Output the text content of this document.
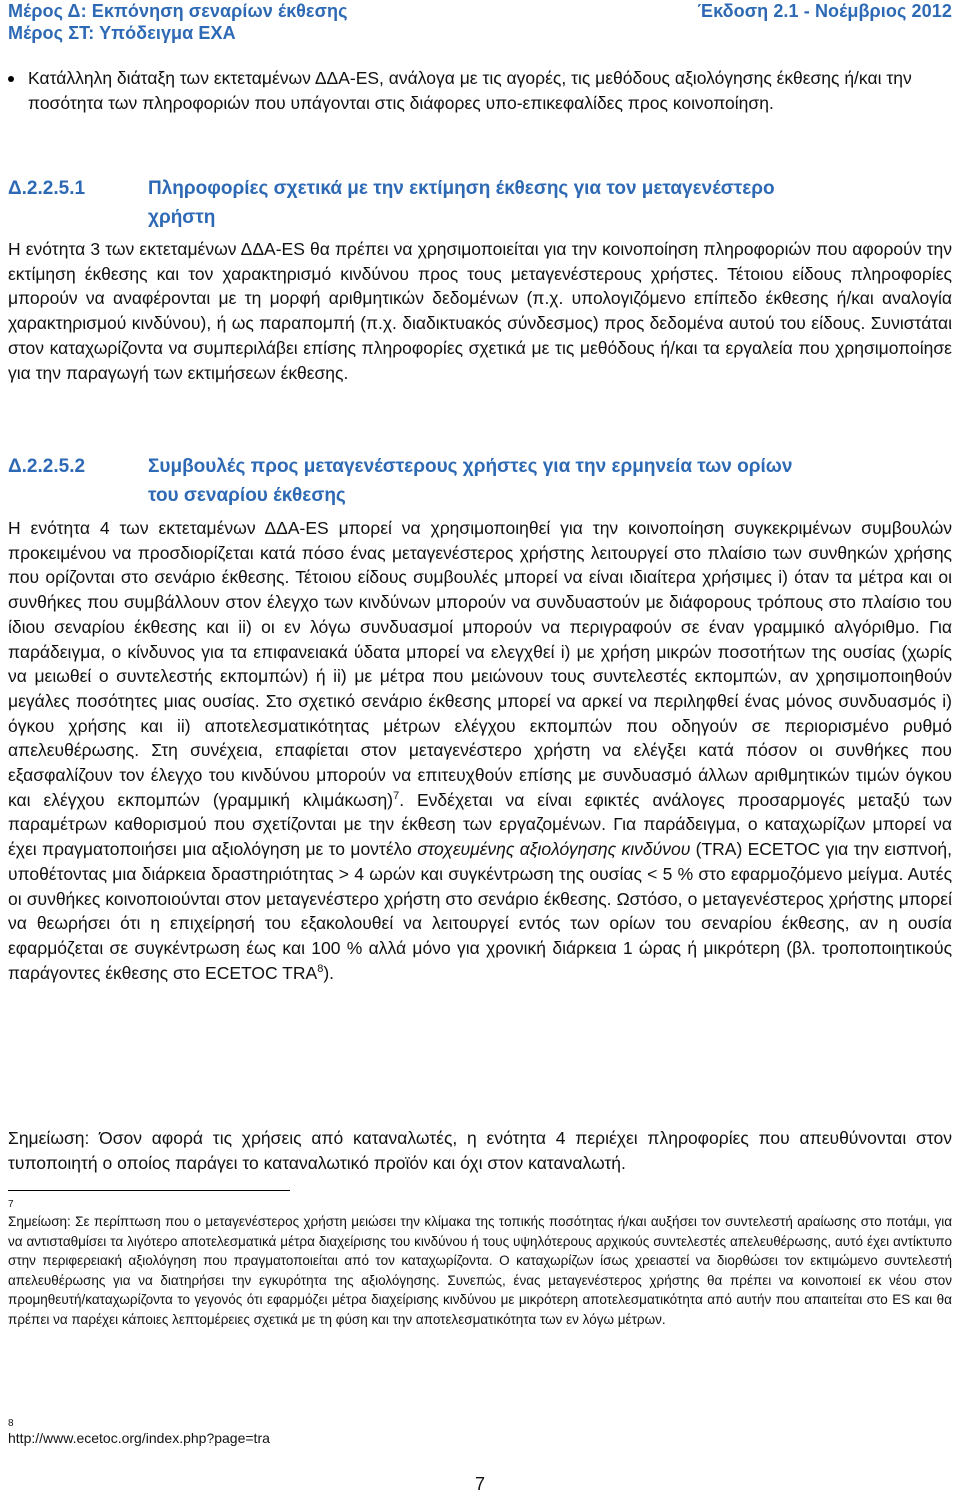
Μέρος Δ: Εκπόνηση σεναρίων έκθεσης	Έκδοση 2.1 - Νοέμβριος 2012
Μέρος ΣΤ: Υπόδειγμα ΕΧΑ
Κατάλληλη διάταξη των εκτεταμένων ΔΔΑ-ES, ανάλογα με τις αγορές, τις μεθόδους αξιολόγησης έκθεσης ή/και την ποσότητα των πληροφοριών που υπάγονται στις διάφορες υπο-επικεφαλίδες προς κοινοποίηση.
Δ.2.2.5.1	Πληροφορίες σχετικά με την εκτίμηση έκθεσης για τον μεταγενέστερο
χρήστη

Η ενότητα 3 των εκτεταμένων ΔΔΑ-ES θα πρέπει να χρησιμοποιείται για την κοινοποίηση πληροφοριών που αφορούν την εκτίμηση έκθεσης και τον χαρακτηρισμό κινδύνου προς τους μεταγενέστερους χρήστες. Τέτοιου είδους πληροφορίες μπορούν να αναφέρονται με τη μορφή αριθμητικών δεδομένων (π.χ. υπολογιζόμενο επίπεδο έκθεσης ή/και αναλογία χαρακτηρισμού κινδύνου), ή ως παραπομπή (π.χ. διαδικτυακός σύνδεσμος) προς δεδομένα αυτού του είδους. Συνιστάται στον καταχωρίζοντα να συμπεριλάβει επίσης πληροφορίες σχετικά με τις μεθόδους ή/και τα εργαλεία που χρησιμοποίησε για την παραγωγή των εκτιμήσεων έκθεσης.

Δ.2.2.5.2	Συμβουλές προς μεταγενέστερους χρήστες για την ερμηνεία των ορίων
του σεναρίου έκθεσης

Η ενότητα 4 των εκτεταμένων ΔΔΑ-ES μπορεί να χρησιμοποιηθεί για την κοινοποίηση συγκεκριμένων συμβουλών προκειμένου να προσδιορίζεται κατά πόσο ένας μεταγενέστερος χρήστης λειτουργεί στο πλαίσιο των συνθηκών χρήσης που ορίζονται στο σενάριο έκθεσης. Τέτοιου είδους συμβουλές μπορεί να είναι ιδιαίτερα χρήσιμες i) όταν τα μέτρα και οι συνθήκες που συμβάλλουν στον έλεγχο των κινδύνων μπορούν να συνδυαστούν με διάφορους τρόπους στο πλαίσιο του ίδιου σεναρίου έκθεσης και ii) οι εν λόγω συνδυασμοί μπορούν να περιγραφούν σε έναν γραμμικό αλγόριθμο. Για παράδειγμα, ο κίνδυνος για τα επιφανειακά ύδατα μπορεί να ελεγχθεί i) με χρήση μικρών ποσοτήτων της ουσίας (χωρίς να μειωθεί ο συντελεστής εκπομπών) ή ii) με μέτρα που μειώνουν τους συντελεστές εκπομπών, αν χρησιμοποιηθούν μεγάλες ποσότητες μιας ουσίας. Στο σχετικό σενάριο έκθεσης μπορεί να αρκεί να περιληφθεί ένας μόνος συνδυασμός i) όγκου χρήσης και ii) αποτελεσματικότητας μέτρων ελέγχου εκπομπών που οδηγούν σε περιορισμένο ρυθμό απελευθέρωσης. Στη συνέχεια, επαφίεται στον μεταγενέστερο χρήστη να ελέγξει κατά πόσον οι συνθήκες που εξασφαλίζουν τον έλεγχο του κινδύνου μπορούν να επιτευχθούν επίσης με συνδυασμό άλλων αριθμητικών τιμών όγκου και ελέγχου εκπομπών (γραμμική κλιμάκωση)$^7$. Ενδέχεται να είναι εφικτές ανάλογες προσαρμογές μεταξύ των παραμέτρων καθορισμού που σχετίζονται με την έκθεση των εργαζομένων. Για παράδειγμα, ο καταχωρίζων μπορεί να έχει πραγματοποιήσει μια αξιολόγηση με το μοντέλο στοχευμένης αξιολόγησης κινδύνου (TRA) ECETOC για την εισπνοή, υποθέτοντας μια διάρκεια δραστηριότητας > 4 ωρών και συγκέντρωση της ουσίας < 5 % στο εφαρμοζόμενο μείγμα. Αυτές οι συνθήκες κοινοποιούνται στον μεταγενέστερο χρήστη στο σενάριο έκθεσης. Ωστόσο, ο μεταγενέστερος χρήστης μπορεί να θεωρήσει ότι η επιχείρησή του εξακολουθεί να λειτουργεί εντός των ορίων του σεναρίου έκθεσης, αν η ουσία εφαρμόζεται σε συγκέντρωση έως και 100 % αλλά μόνο για χρονική διάρκεια 1 ώρας ή μικρότερη (βλ. τροποποιητικούς παράγοντες έκθεσης στο ECETOC TRA$^8$).

Σημείωση: Όσον αφορά τις χρήσεις από καταναλωτές, η ενότητα 4 περιέχει πληροφορίες που απευθύνονται στον τυποποιητή ο οποίος παράγει το καταναλωτικό προϊόν και όχι στον καταναλωτή.

7

Σημείωση: Σε περίπτωση που ο μεταγενέστερος χρήστη μειώσει την κλίμακα της τοπικής ποσότητας ή/και αυξήσει τον συντελεστή αραίωσης στο ποτάμι, για να αντισταθμίσει τα λιγότερο αποτελεσματικά μέτρα διαχείρισης του κινδύνου ή τους υψηλότερους αρχικούς συντελεστές απελευθέρωσης, αυτό έχει αντίκτυπο στην περιφερειακή αξιολόγηση που πραγματοποιείται από τον καταχωρίζοντα. Ο καταχωρίζων ίσως χρειαστεί να διορθώσει τον εκτιμώμενο συντελεστή απελευθέρωσης για να διατηρήσει την εγκυρότητα της αξιολόγησης. Συνεπώς, ένας μεταγενέστερος χρήστης θα πρέπει να κοινοποιεί εκ νέου στον προμηθευτή/καταχωρίζοντα το γεγονός ότι εφαρμόζει μέτρα διαχείρισης κινδύνου με μικρότερη αποτελεσματικότητα από αυτήν που απαιτείται στο ES και θα πρέπει να παρέχει κάποιες λεπτομέρειες σχετικά με τη φύση και την αποτελεσματικότητα των εν λόγω μέτρων.

8
http://www.ecetoc.org/index.php?page=tra
7
